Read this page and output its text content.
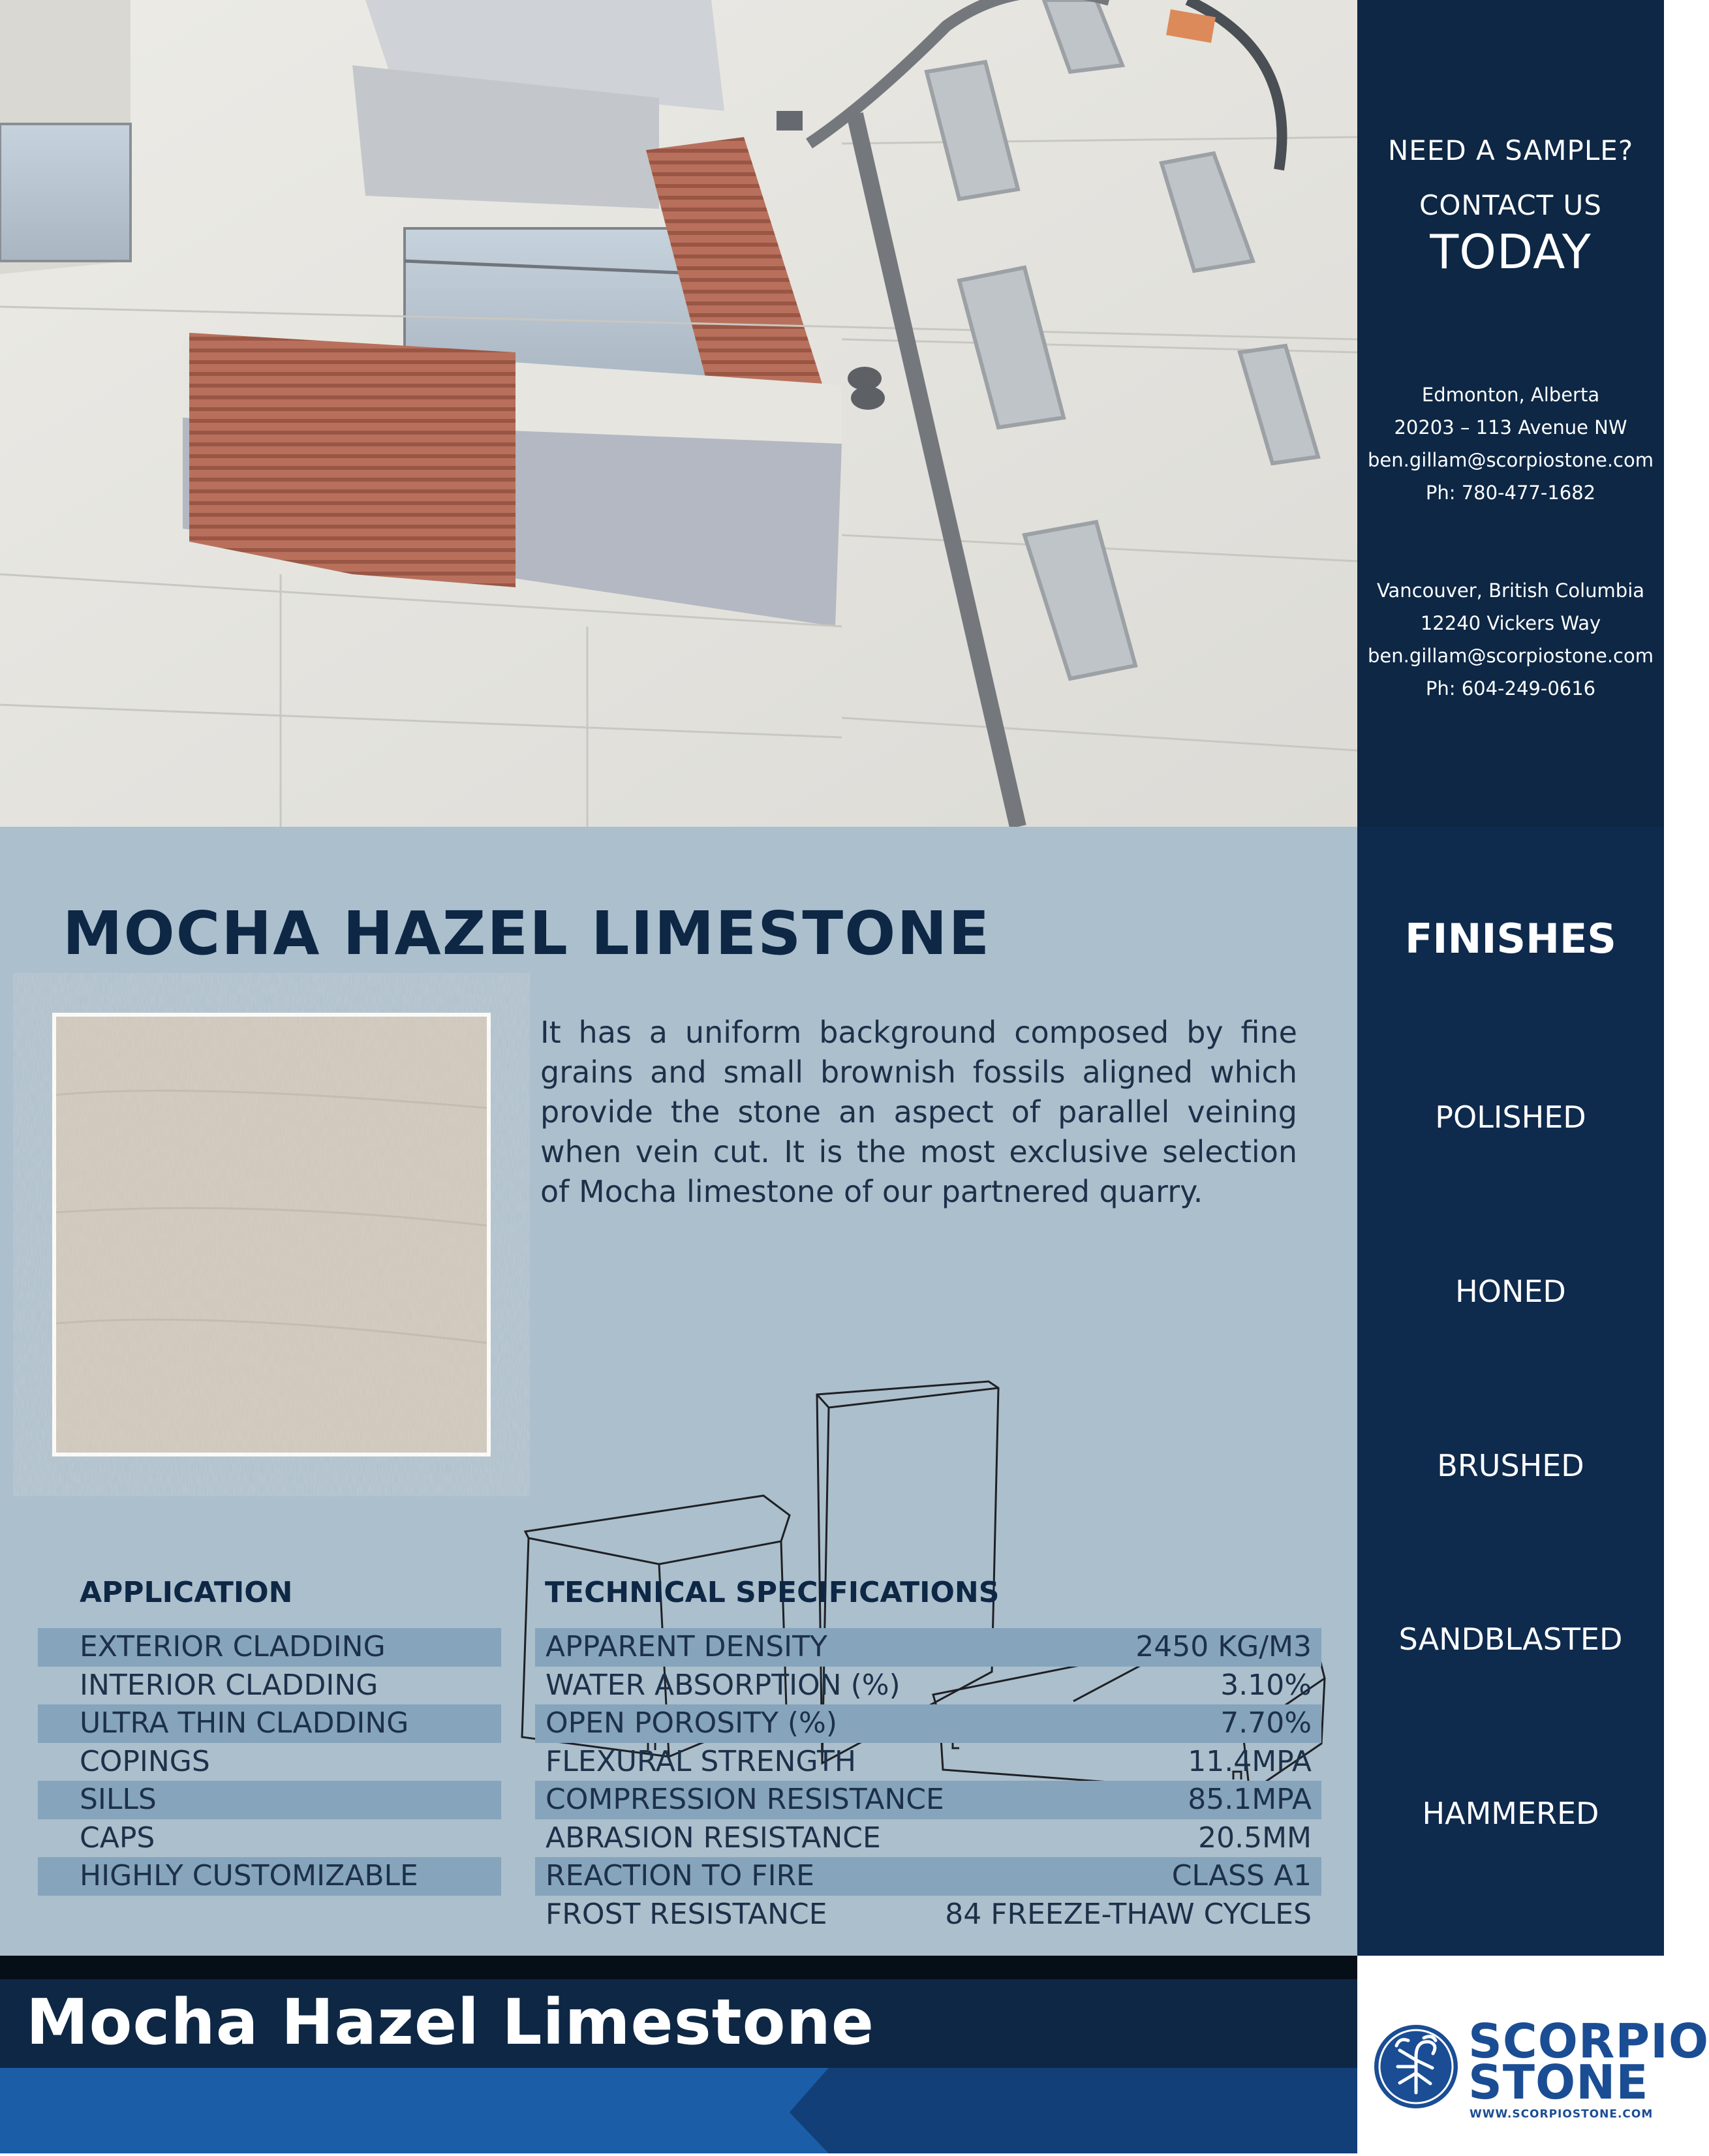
NEED A SAMPLE?
CONTACT US
TODAY
Edmonton, Alberta
20203 – 113 Avenue NW
ben.gillam@scorpiostone.com
Ph: 780-477-1682
Vancouver, British Columbia
12240 Vickers Way
ben.gillam@scorpiostone.com
Ph: 604-249-0616
MOCHA HAZEL LIMESTONE

It has a uniform background composed by fine grains and small brownish fossils aligned which provide the stone an aspect of parallel veining when vein cut. It is the most exclusive selection of Mocha limestone of our partnered quarry.

APPLICATION	TECHNICAL SPECIFICATIONS
EXTERIOR CLADDING
INTERIOR CLADDING
ULTRA THIN CLADDING
COPINGS
SILLS
CAPS
HIGHLY CUSTOMIZABLE
APPARENT DENSITY	2450 KG/M3
WATER ABSORPTION (%)	3.10%
OPEN POROSITY (%)	7.70%
FLEXURAL STRENGTH	11.4MPA
COMPRESSION RESISTANCE	85.1MPA
ABRASION RESISTANCE	20.5MM
REACTION TO FIRE	CLASS A1
FROST RESISTANCE	84 FREEZE-THAW CYCLES
FINISHES
POLISHED
HONED
BRUSHED
SANDBLASTED
HAMMERED
Mocha Hazel Limestone	SCORPIO
STONE
WWW.SCORPIOSTONE.COM
